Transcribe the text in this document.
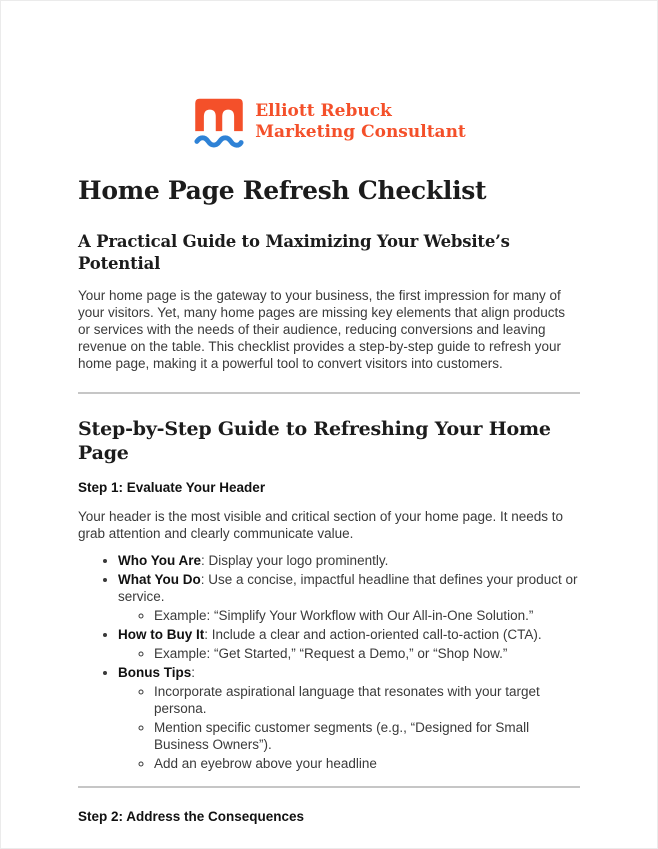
Elliott Rebuck
Marketing Consultant
Home Page Refresh Checklist
A Practical Guide to Maximizing Your Website’s Potential

Your home page is the gateway to your business, the first impression for many of your visitors. Yet, many home pages are missing key elements that align products or services with the needs of their audience, reducing conversions and leaving revenue on the table. This checklist provides a step-by-step guide to refresh your home page, making it a powerful tool to convert visitors into customers.

Step-by-Step Guide to Refreshing Your Home Page
Step 1: Evaluate Your Header

Your header is the most visible and critical section of your home page. It needs to grab attention and clearly communicate value.

• Who You Are: Display your logo prominently.
• What You Do: Use a concise, impactful headline that defines your product or service.
◦ Example: “Simplify Your Workflow with Our All-in-One Solution.”
• How to Buy It: Include a clear and action-oriented call-to-action (CTA).
◦ Example: “Get Started,” “Request a Demo,” or “Shop Now.”
• Bonus Tips:
◦ Incorporate aspirational language that resonates with your target persona.
◦ Mention specific customer segments (e.g., “Designed for Small Business Owners”).
◦ Add an eyebrow above your headline
Step 2: Address the Consequences
